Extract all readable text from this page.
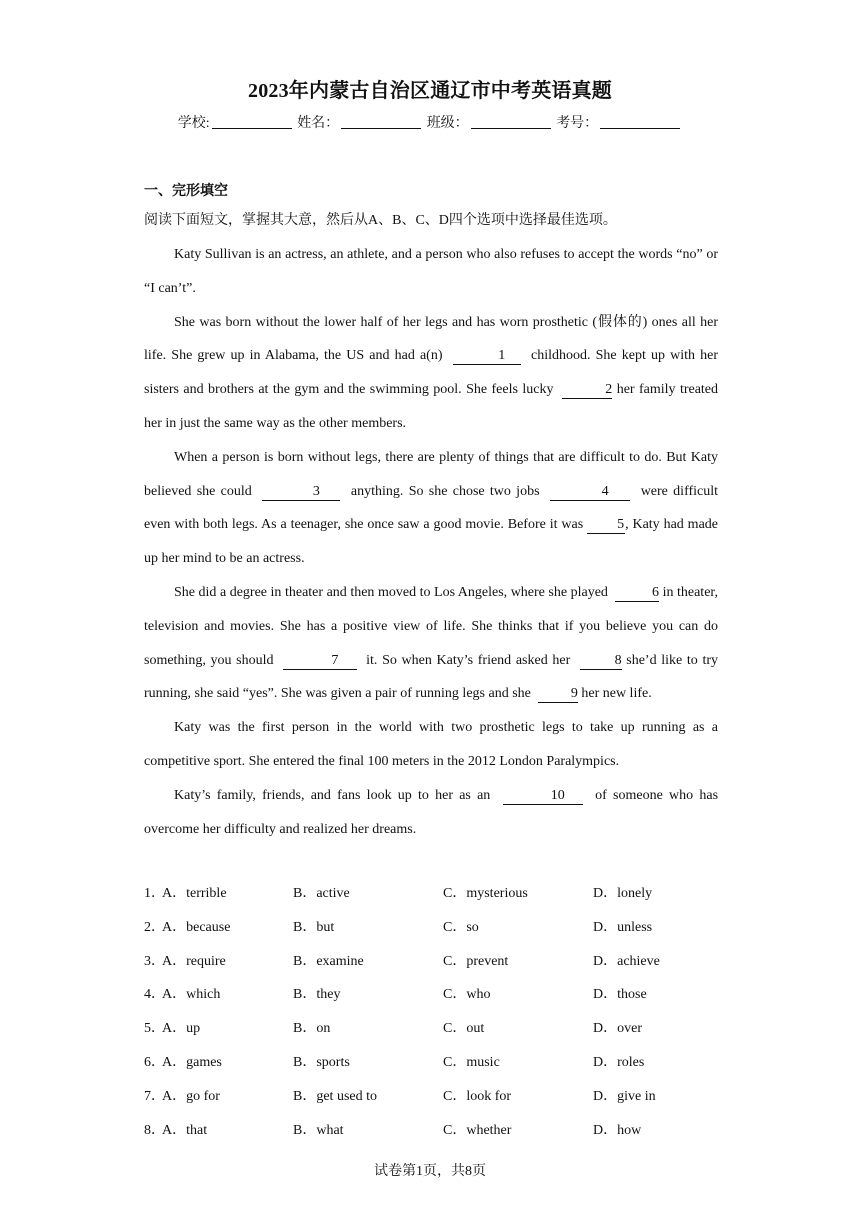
2023年内蒙古自治区通辽市中考英语真题
学校:	姓名：	班级：	考号：
一、完形填空
阅读下面短文，掌握其大意，然后从A、B、C、D四个选项中选择最佳选项。

Katy Sullivan is an actress, an athlete, and a person who also refuses to accept the words “no” or “I can’t”.

She was born without the lower half of her legs and has worn prosthetic (假体的) ones all her life. She grew up in Alabama, the US and had a(n)	1 childhood. She kept up with her sisters and brothers at the gym and the swimming pool. She feels lucky	2 her family treated her in just the same way as the other members.

When a person is born without legs, there are plenty of things that are difficult to do. But Katy believed she could	3 anything. So she chose two jobs	4 were difficult even with both legs. As a teenager, she once saw a good movie. Before it was 5, Katy had made up her mind to be an actress.

She did a degree in theater and then moved to Los Angeles, where she played	6 in theater, television and movies. She has a positive view of life. She thinks that if you believe you can do something, you should	7 it. So when Katy’s friend asked her	8 she’d like to try running, she said “yes”. She was given a pair of running legs and she	9 her new life.

Katy was the first person in the world with two prosthetic legs to take up running as a competitive sport. She entered the final 100 meters in the 2012 London Paralympics.

Katy’s family, friends, and fans look up to her as an	10 of someone who has overcome her difficulty and realized her dreams.

1．
A．terrible	B．active	C．mysterious	D．lonely
2．
A．because	B．but	C．so	D．unless
3．
A．require	B．examine	C．prevent	D．achieve
4．
A．which	B．they	C．who	D．those
5．
A．up	B．on	C．out	D．over
6．
A．games	B．sports	C．music	D．roles
7．
A．go for	B．get used to	C．look for	D．give in
8．
A．that	B．what	C．whether	D．how
试卷第1页，共8页
